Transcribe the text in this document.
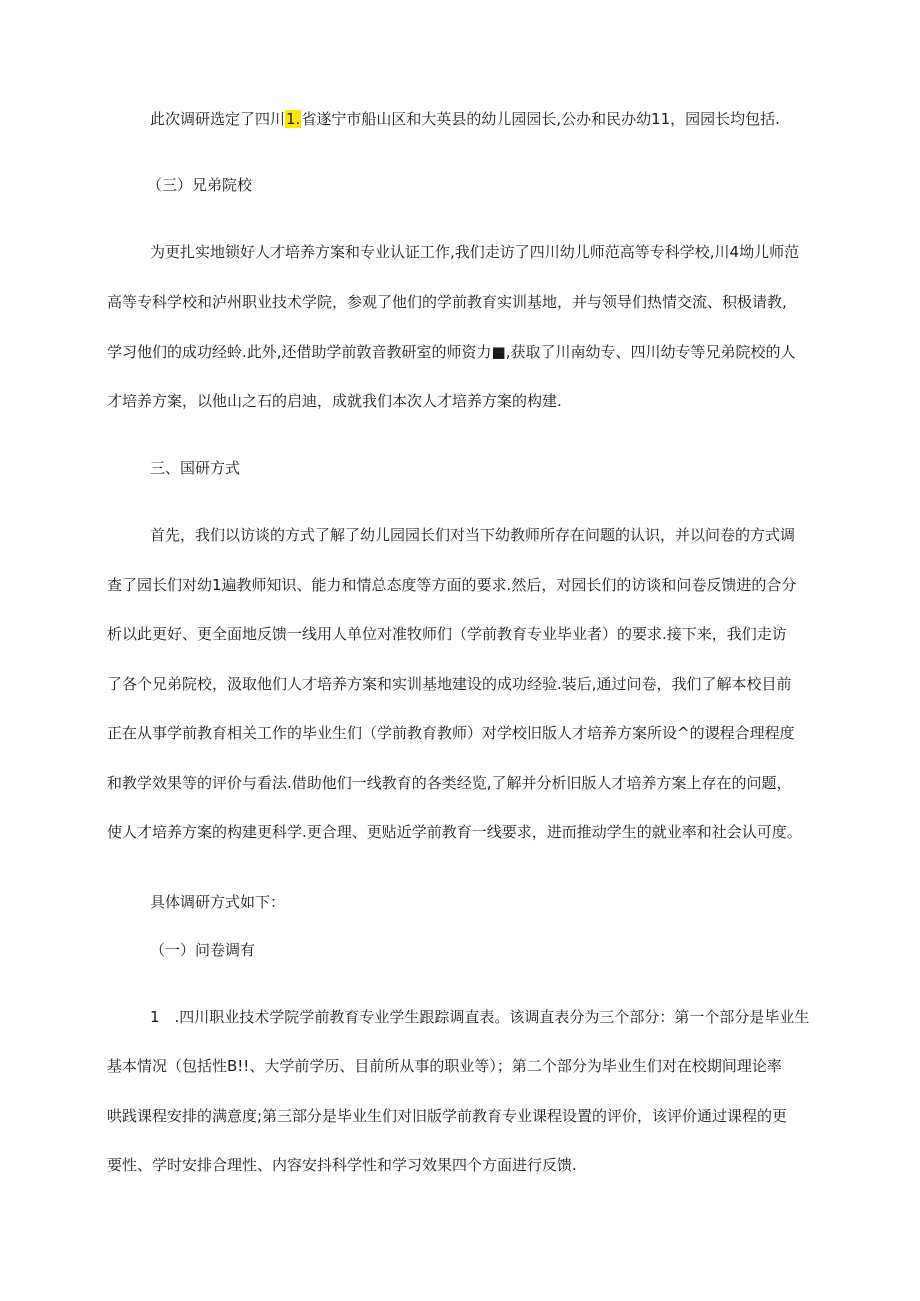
此次调研选定了四川1.省遂宁市船山区和大英县的幼儿园园长,公办和民办幼11，园园长均包括.
（三）兄弟院校
为更扎实地锁好人才培养方案和专业认证工作,我们走访了四川幼儿师范高等专科学校,川4坳儿师范
高等专科学校和泸州职业技术学院，参观了他们的学前教育实训基地，并与领导们热情交流、积极请教,
学习他们的成功经蛉.此外,还借助学前敦音教研室的师资力■,获取了川南幼专、四川幼专等兄弟院校的人
才培养方案，以他山之石的启迪，成就我们本次人才培养方案的构建.
三、国研方式
首先，我们以访谈的方式了解了幼儿园园长们对当下幼教师所存在问题的认识，并以问卷的方式调
查了园长们对幼1遍教师知识、能力和情总态度等方面的要求.然后，对园长们的访谈和问卷反馈进的合分
析以此更好、更全面地反馈一线用人单位对准牧师们（学前教育专业毕业者）的要求.接下来，我们走访
了各个兄弟院校，汲取他们人才培养方案和实训基地建设的成功经验.装后,通过问卷，我们了解本校目前
正在从事学前教育相关工作的毕业生们（学前教育教师）对学校旧版人才培养方案所设^的谡程合理程度
和教学效果等的评价与看法.借助他们一线教育的各类经览,了解并分析旧版人才培养方案上存在的问题，
使人才培养方案的构建更科学.更合理、更贴近学前教育一线要求，进而推动学生的就业率和社会认可度。
具体调研方式如下：
（一）问卷调有
1　.四川职业技术学院学前教育专业学生跟踪调直表。该调直表分为三个部分：第一个部分是毕业生
基本情况（包括性B!!、大学前学历、目前所从事的职业等）；第二个部分为毕业生们对在校期间理论率
哄践课程安排的满意度;第三部分是毕业生们对旧版学前教育专业课程设置的评价，该评价通过课程的更
要性、学时安排合理性、内容安抖科学性和学习效果四个方面进行反馈.
